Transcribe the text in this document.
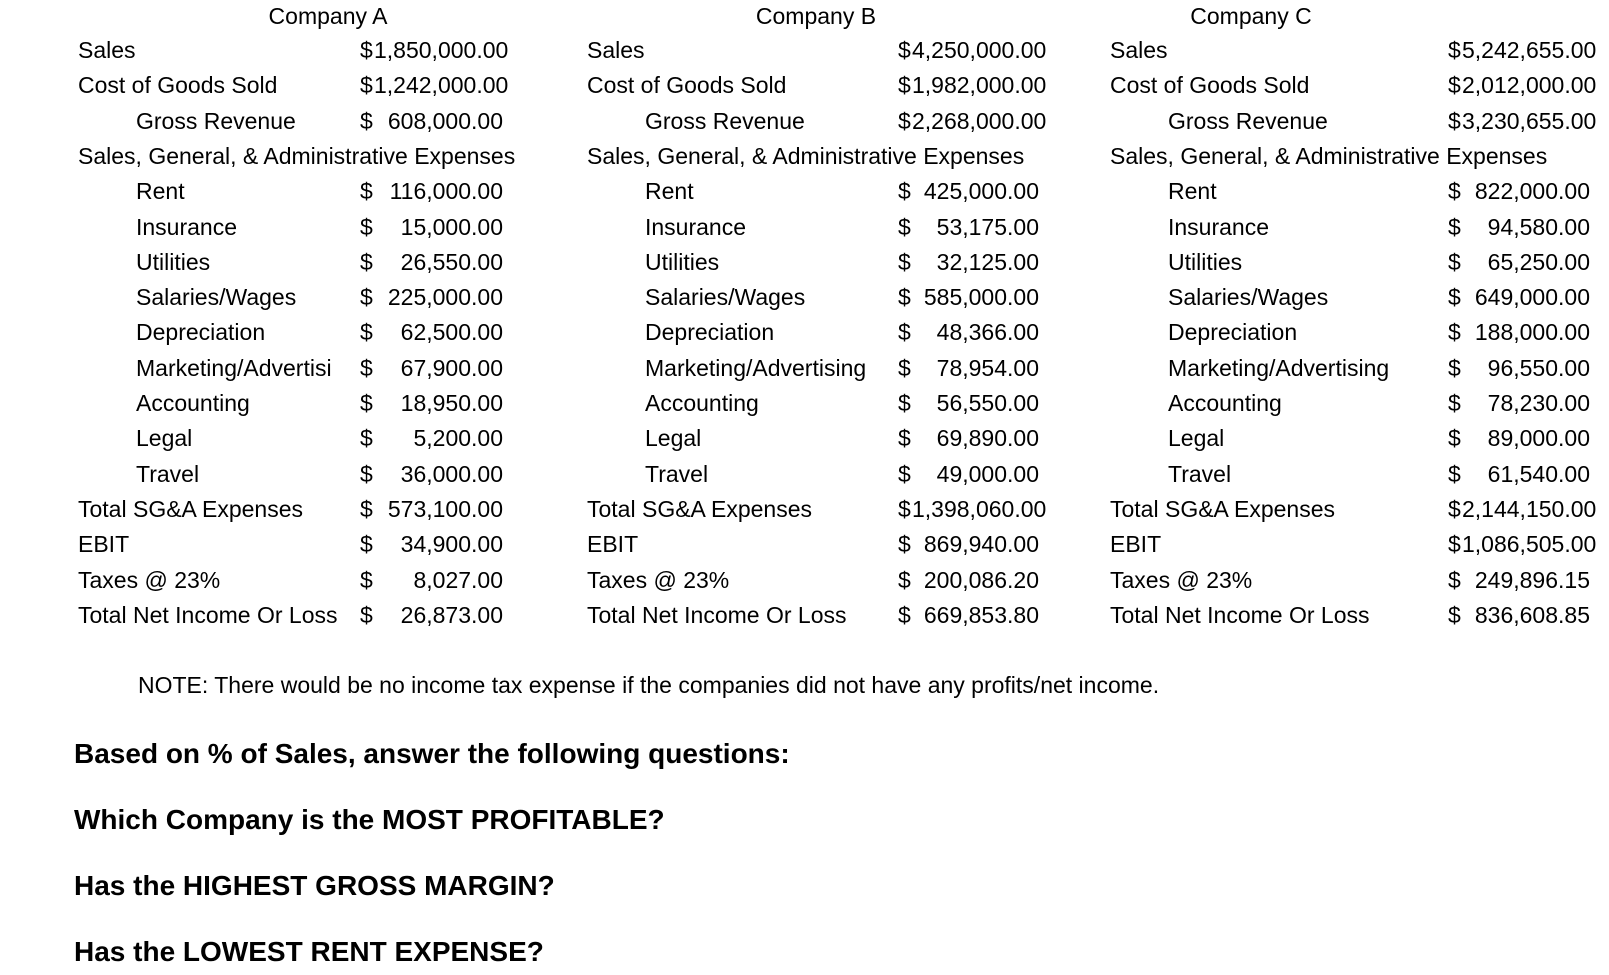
Company A
Sales	$ 1,850,000.00
Cost of Goods Sold	$ 1,242,000.00
Gross Revenue	$ 608,000.00
Sales, General, & Administrative Expenses
Rent	$ 116,000.00
Insurance	$	15,000.00
Utilities	$	26,550.00
Salaries/Wages	$ 225,000.00
Depreciation	$	62,500.00
Marketing/Advertisi $	67,900.00
Accounting	$	18,950.00
Legal	$	5,200.00
Travel	$	36,000.00
Total SG&A Expenses $ 573,100.00
EBIT	$	34,900.00
Taxes @ 23%	$	8,027.00
Total Net Income Or Loss $	26,873.00
Company B
Sales	$ 4,250,000.00
Cost of Goods Sold	$ 1,982,000.00
Gross Revenue	$ 2,268,000.00
Sales, General, & Administrative Expenses
Rent	$ 425,000.00
Insurance	$	53,175.00
Utilities	$	32,125.00
Salaries/Wages	$ 585,000.00
Depreciation	$	48,366.00
Marketing/Advertising $	78,954.00
Accounting	$	56,550.00
Legal	$	69,890.00
Travel	$	49,000.00
Total SG&A Expenses	$ 1,398,060.00
EBIT	$ 869,940.00
Taxes @ 23%	$ 200,086.20
Total Net Income Or Loss $ 669,853.80
Company C
Sales	$ 5,242,655.00
Cost of Goods Sold	$ 2,012,000.00
Gross Revenue	$ 3,230,655.00
Sales, General, & Administrative Expenses
Rent	$ 822,000.00
Insurance	$	94,580.00
Utilities	$	65,250.00
Salaries/Wages	$ 649,000.00
Depreciation	$ 188,000.00
Marketing/Advertising	$	96,550.00
Accounting	$	78,230.00
Legal	$	89,000.00
Travel	$	61,540.00
Total SG&A Expenses	$ 2,144,150.00
EBIT	$ 1,086,505.00
Taxes @ 23%	$ 249,896.15
Total Net Income Or Loss	$ 836,608.85
NOTE: There would be no income tax expense if the companies did not have any profits/net income.
Based on % of Sales, answer the following questions:
Which Company is the MOST PROFITABLE?
Has the HIGHEST GROSS MARGIN?
Has the LOWEST RENT EXPENSE?
